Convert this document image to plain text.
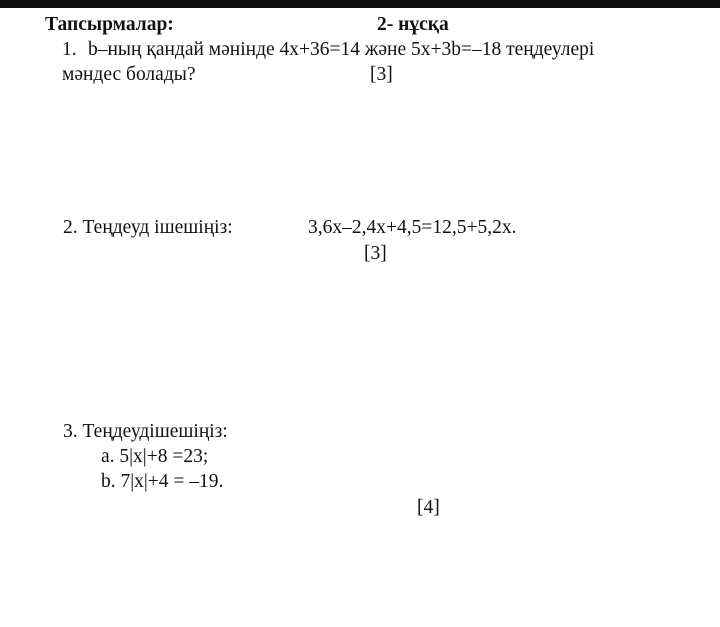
Тапсырмалар:	2- нұсқа
1. b–ның қандай мәнінде 4x+36=14 және 5x+3b=–18 теңдеулері
мәндес болады?	[3]
2. Теңдеуд ішешіңіз:	3,6x–2,4x+4,5=12,5+5,2x.
[3]
3. Теңдеудішешіңіз:
a. 5|x|+8 =23;
b. 7|x|+4 = –19.
[4]
